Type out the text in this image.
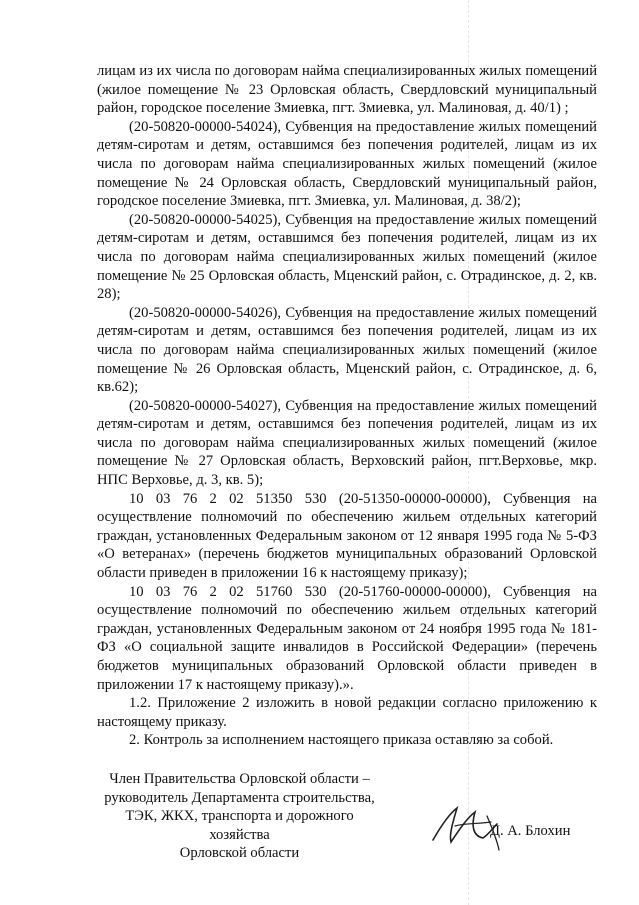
лицам из их числа по договорам найма специализированных жилых помещений (жилое помещение № 23 Орловская область, Свердловский муниципальный район, городское поселение Змиевка, пгт. Змиевка, ул. Малиновая, д. 40/1) ;

(20-50820-00000-54024), Субвенция на предоставление жилых помещений детям-сиротам и детям, оставшимся без попечения родителей, лицам из их числа по договорам найма специализированных жилых помещений (жилое помещение № 24 Орловская область, Свердловский муниципальный район, городское поселение Змиевка, пгт. Змиевка, ул. Малиновая, д. 38/2);

(20-50820-00000-54025), Субвенция на предоставление жилых помещений детям-сиротам и детям, оставшимся без попечения родителей, лицам из их числа по договорам найма специализированных жилых помещений (жилое помещение № 25 Орловская область, Мценский район, с. Отрадинское, д. 2, кв. 28);

(20-50820-00000-54026), Субвенция на предоставление жилых помещений детям-сиротам и детям, оставшимся без попечения родителей, лицам из их числа по договорам найма специализированных жилых помещений (жилое помещение № 26 Орловская область, Мценский район, с. Отрадинское, д. 6, кв.62);

(20-50820-00000-54027), Субвенция на предоставление жилых помещений детям-сиротам и детям, оставшимся без попечения родителей, лицам из их числа по договорам найма специализированных жилых помещений (жилое помещение № 27 Орловская область, Верховский район, пгт.Верховье, мкр. НПС Верховье, д. 3, кв. 5);

10 03 76 2 02 51350 530 (20-51350-00000-00000), Субвенция на осуществление полномочий по обеспечению жильем отдельных категорий граждан, установленных Федеральным законом от 12 января 1995 года № 5-ФЗ «О ветеранах» (перечень бюджетов муниципальных образований Орловской области приведен в приложении 16 к настоящему приказу);

10 03 76 2 02 51760 530 (20-51760-00000-00000), Субвенция на осуществление полномочий по обеспечению жильем отдельных категорий граждан, установленных Федеральным законом от 24 ноября 1995 года № 181-ФЗ «О социальной защите инвалидов в Российской Федерации» (перечень бюджетов муниципальных образований Орловской области приведен в приложении 17 к настоящему приказу).».

1.2. Приложение 2 изложить в новой редакции согласно приложению к настоящему приказу.

2. Контроль за исполнением настоящего приказа оставляю за собой.

Член Правительства Орловской области –
руководитель Департамента строительства,
ТЭК, ЖКХ, транспорта и дорожного хозяйства
Орловской области

Д. А. Блохин
